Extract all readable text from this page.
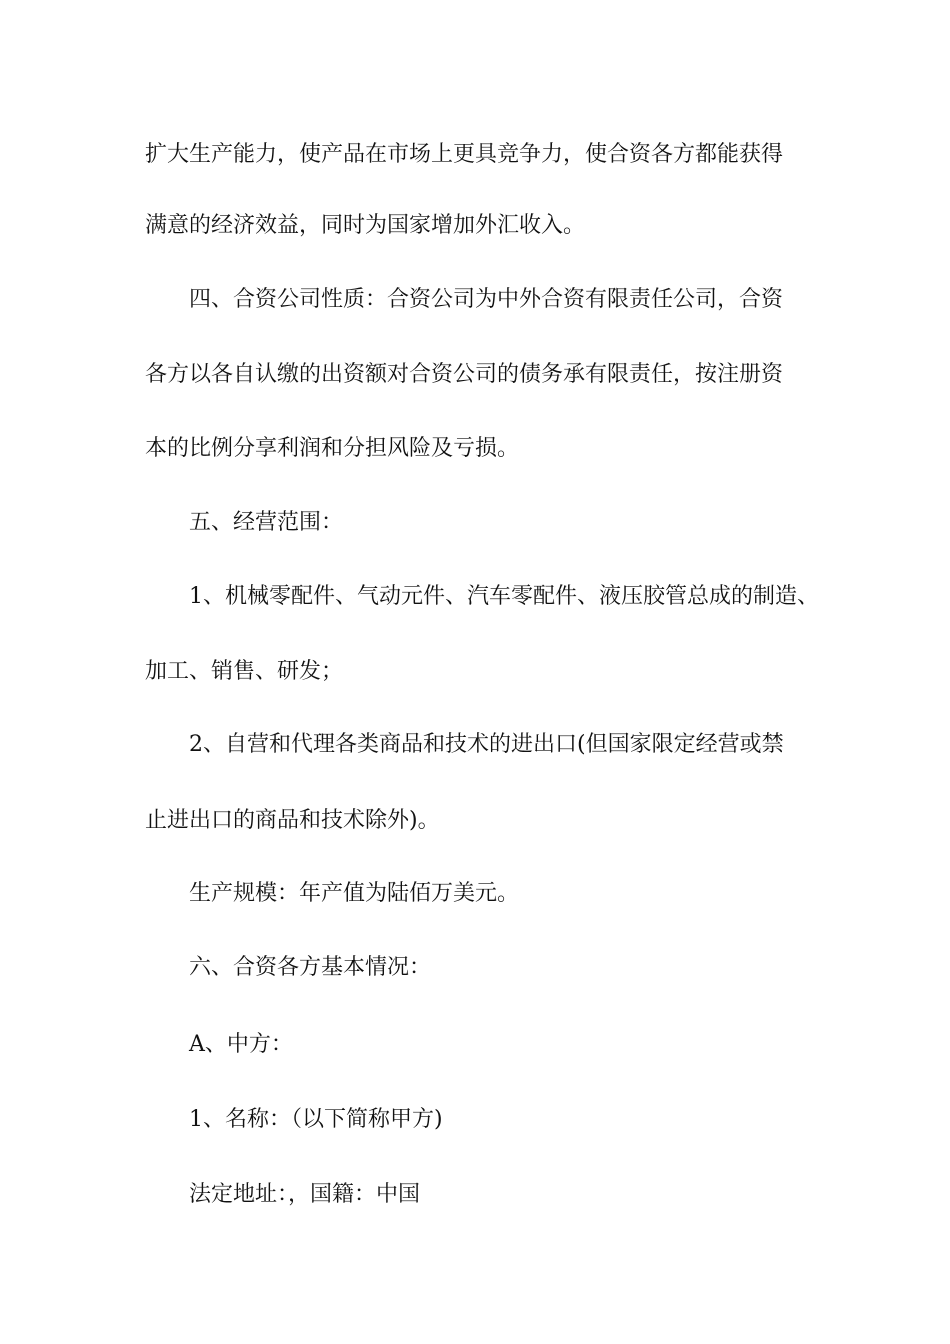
扩大生产能力，使产品在市场上更具竞争力，使合资各方都能获得
满意的经济效益，同时为国家增加外汇收入。
四、合资公司性质：合资公司为中外合资有限责任公司，合资
各方以各自认缴的出资额对合资公司的债务承有限责任，按注册资
本的比例分享利润和分担风险及亏损。
五、经营范围：
1、机械零配件、气动元件、汽车零配件、液压胶管总成的制造、
加工、销售、研发；
2、自营和代理各类商品和技术的进出口(但国家限定经营或禁
止进出口的商品和技术除外)。
生产规模：年产值为陆佰万美元。
六、合资各方基本情况：
A、中方：
1、名称：（以下简称甲方)
法定地址：，国籍：中国
